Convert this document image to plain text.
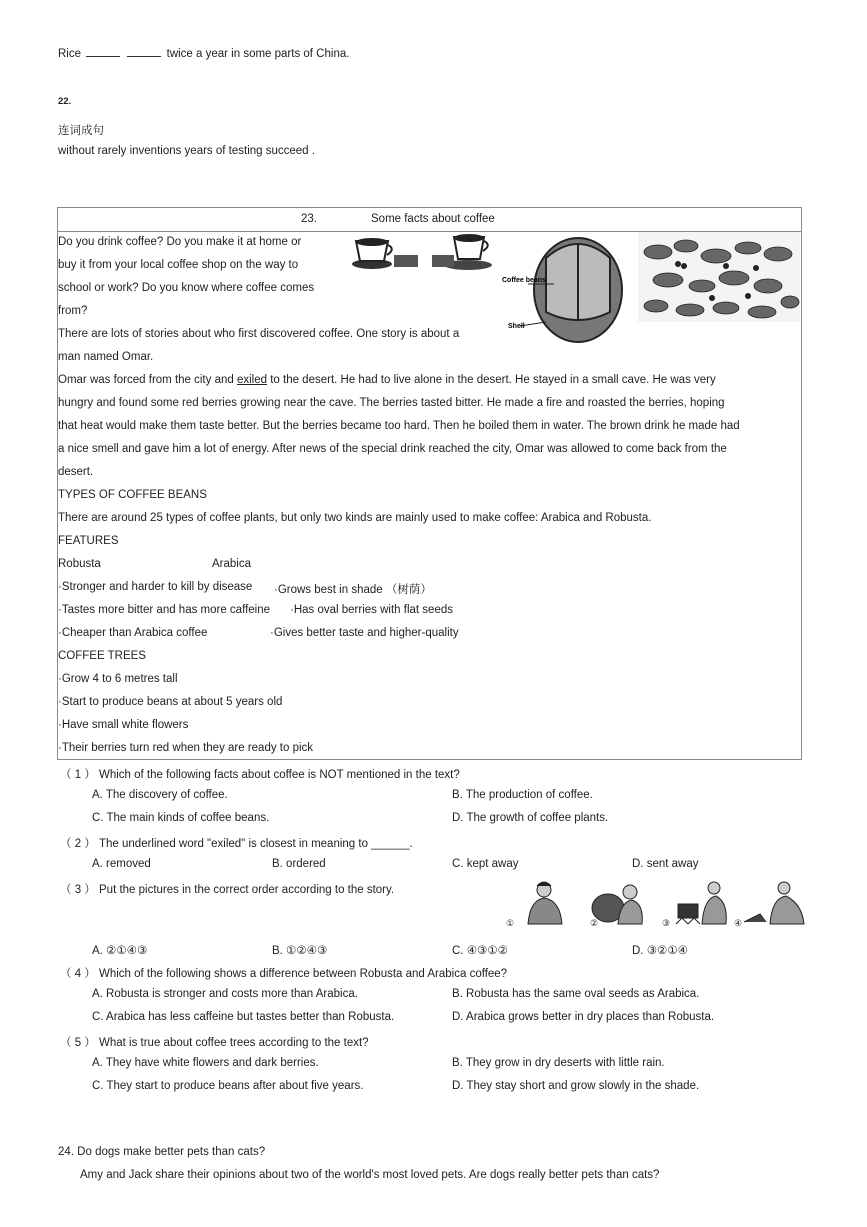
Rice	twice a year in some parts of China.
22.
连词成句
without rarely inventions years of testing succeed .
23.	Some facts about coffee
Do you drink coffee? Do you make it at home or
buy it from your local coffee shop on the way to
school or work? Do you know where coffee comes
from?
There are lots of stories about who first discovered coffee. One story is about a
man named Omar.
Omar was forced from the city and exiled to the desert. He had to live alone in the desert. He stayed in a small cave. He was very
hungry and found some red berries growing near the cave. The berries tasted bitter. He made a fire and roasted the berries, hoping
that heat would make them taste better. But the berries became too hard. Then he boiled them in water. The brown drink he made had
a nice smell and gave him a lot of energy. After news of the special drink reached the city, Omar was allowed to come back from the
desert.
TYPES OF COFFEE BEANS
There are around 25 types of coffee plants, but only two kinds are mainly used to make coffee: Arabica and Robusta.
FEATURES
Robusta	Arabica
·Stronger and harder to kill by disease ·Grows best in shade （树荫）
·Tastes more bitter and has more caffeine ·Has oval berries with flat seeds
·Cheaper than Arabica coffee	·Gives better taste and higher-quality
COFFEE TREES
·Grow 4 to 6 metres tall
·Start to produce beans at about 5 years old
·Have small white flowers
·Their berries turn red when they are ready to pick
Coffee beans
Shell
（ 1 ） Which of the following facts about coffee is NOT mentioned in the text?
A. The discovery of coffee.	B. The production of coffee.
C. The main kinds of coffee beans.	D. The growth of coffee plants.
（ 2 ） The underlined word "exiled" is closest in meaning to ______.
A. removed	B. ordered	C. kept away	D. sent away
（ 3 ） Put the pictures in the correct order according to the story.
①	②	③	④
A. ②①④③	B. ①②④③	C. ④③①②	D. ③②①④
（ 4 ） Which of the following shows a difference between Robusta and Arabica coffee?
A. Robusta is stronger and costs more than Arabica.	B. Robusta has the same oval seeds as Arabica.
C. Arabica has less caffeine but tastes better than Robusta.	D. Arabica grows better in dry places than Robusta.
（ 5 ） What is true about coffee trees according to the text?
A. They have white flowers and dark berries.	B. They grow in dry deserts with little rain.
C. They start to produce beans after about five years.	D. They stay short and grow slowly in the shade.
24. Do dogs make better pets than cats?
Amy and Jack share their opinions about two of the world's most loved pets. Are dogs really better pets than cats?
